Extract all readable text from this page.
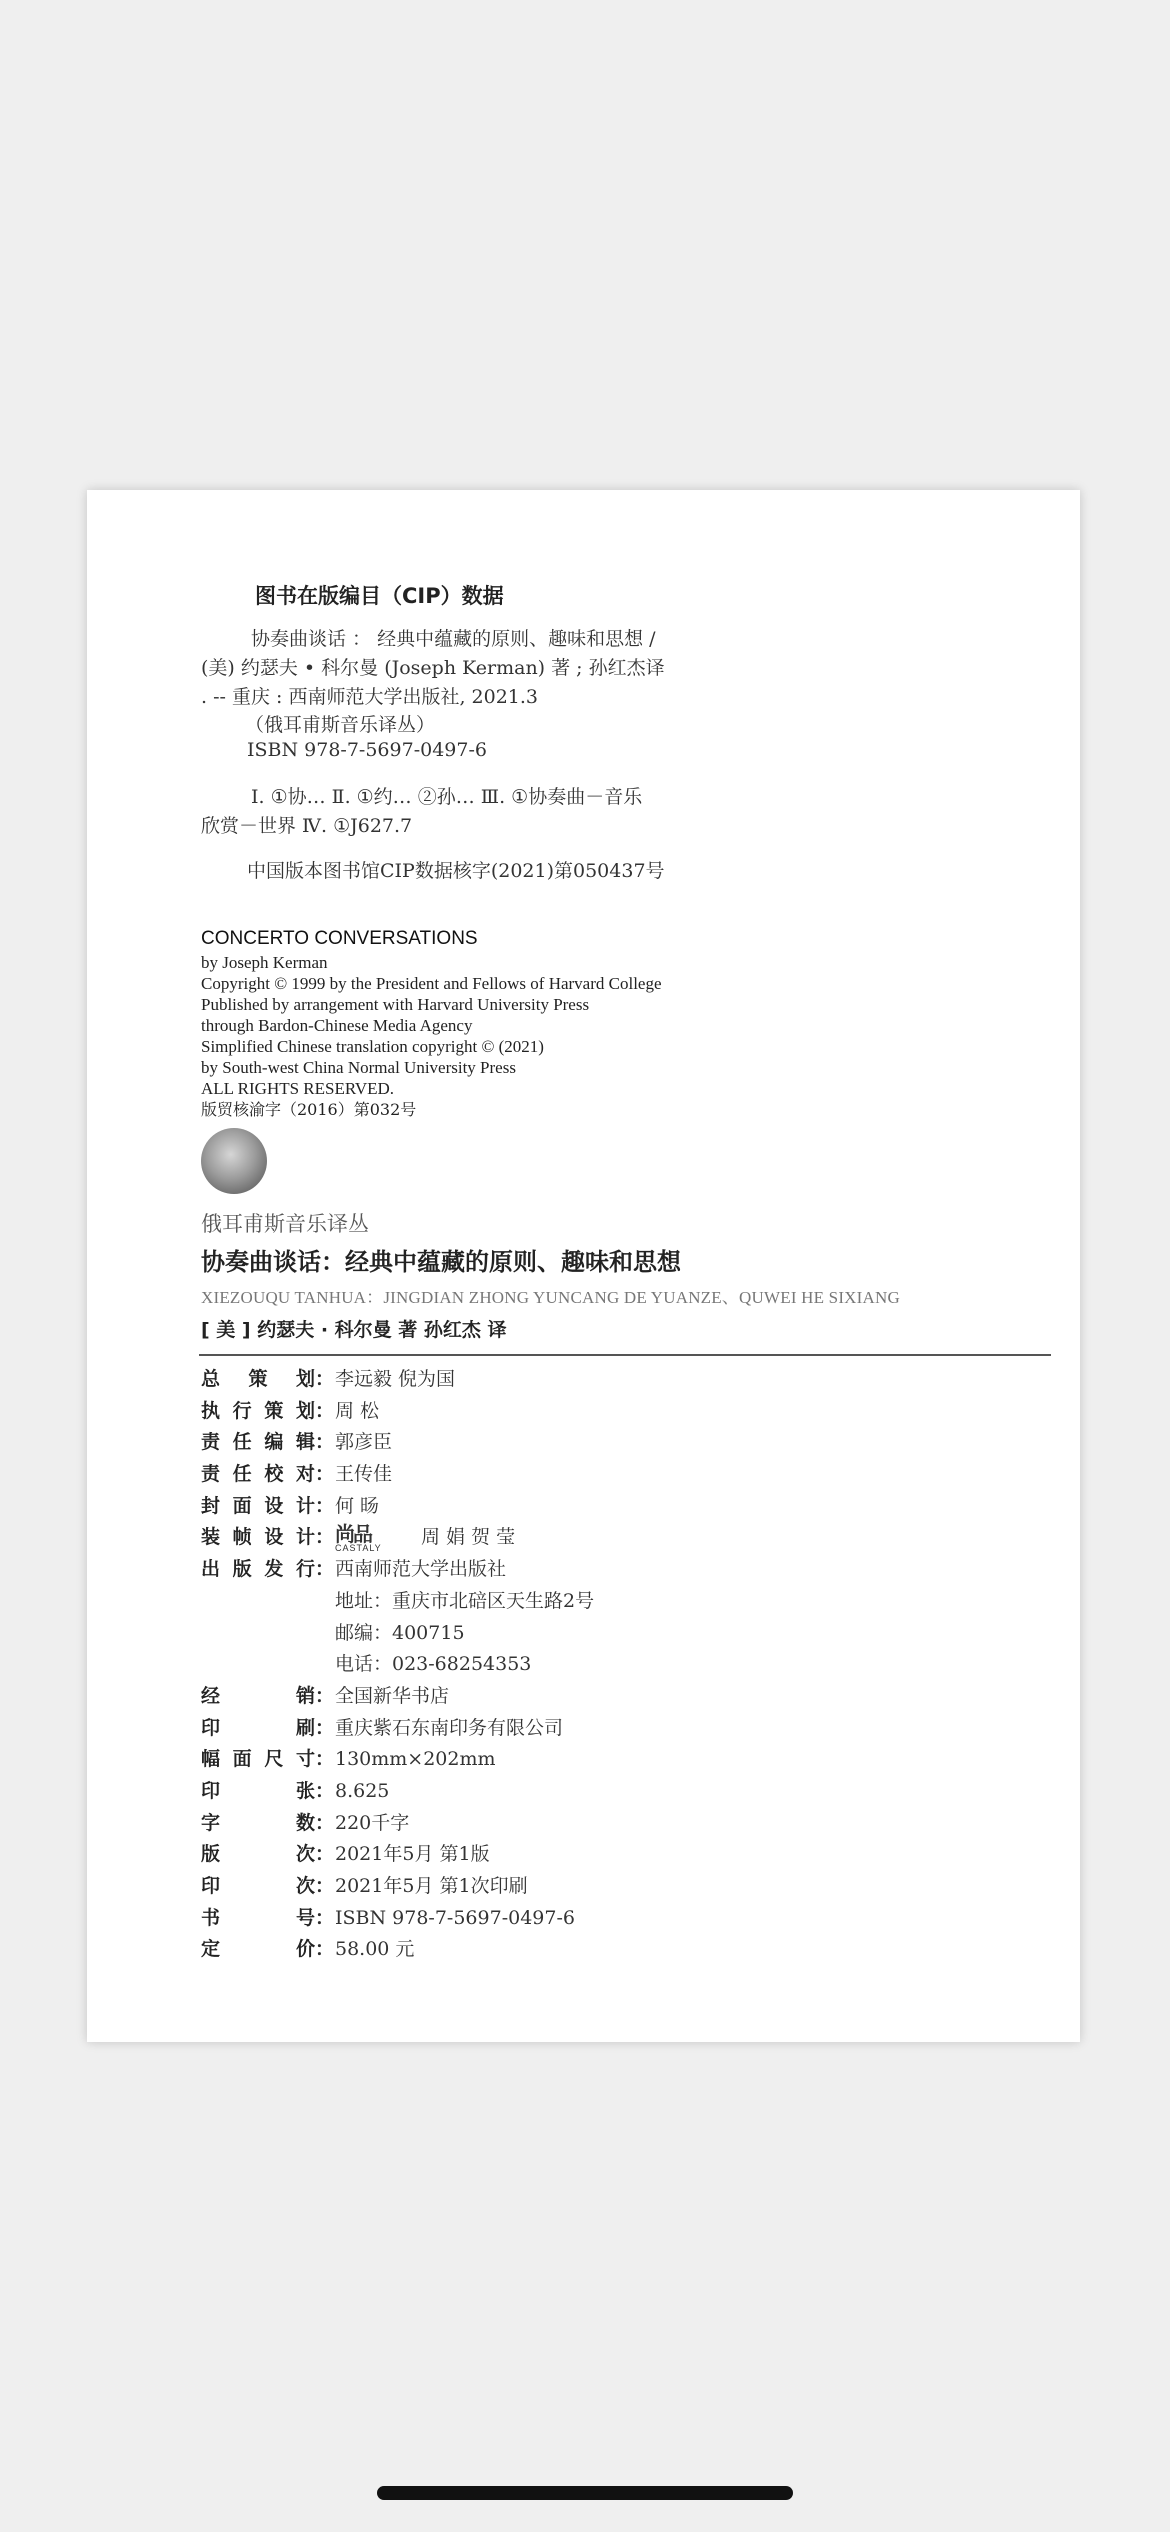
图书在版编目（CIP）数据
协奏曲谈话 ： 经典中蕴藏的原则、趣味和思想 /
(美) 约瑟夫 • 科尔曼 (Joseph Kerman) 著 ; 孙红杰译
. -- 重庆 : 西南师范大学出版社, 2021.3
（俄耳甫斯音乐译丛）
ISBN 978-7-5697-0497-6
Ⅰ. ①协… Ⅱ. ①约… ②孙… Ⅲ. ①协奏曲－音乐
欣赏－世界 Ⅳ. ①J627.7
中国版本图书馆CIP数据核字(2021)第050437号
CONCERTO CONVERSATIONS
by Joseph Kerman
Copyright © 1999 by the President and Fellows of Harvard College
Published by arrangement with Harvard University Press
through Bardon-Chinese Media Agency
Simplified Chinese translation copyright © (2021)
by South-west China Normal University Press
ALL RIGHTS RESERVED.
版贸核渝字（2016）第032号
俄耳甫斯音乐译丛
协奏曲谈话：经典中蕴藏的原则、趣味和思想
XIEZOUQU TANHUA：JINGDIAN ZHONG YUNCANG DE YUANZE、QUWEI HE SIXIANG
[ 美 ] 约瑟夫 · 科尔曼 著 孙红杰 译
总策划 ： 李远毅 倪为国
执行策划 ： 周 松
责任编辑 ： 郭彦臣
责任校对 ： 王传佳
封面设计 ： 何 旸
装帧设计 ： 尚品
CASTALY 周 娟 贺 莹
出版发行 ： 西南师范大学出版社
地址：重庆市北碚区天生路2号
邮编：400715
电话：023-68254353
经销 ： 全国新华书店
印刷 ： 重庆紫石东南印务有限公司
幅面尺寸 ： 130mm×202mm
印张 ： 8.625
字数 ： 220千字
版次 ： 2021年5月 第1版
印次 ： 2021年5月 第1次印刷
书号 ： ISBN 978-7-5697-0497-6
定价 ： 58.00 元
